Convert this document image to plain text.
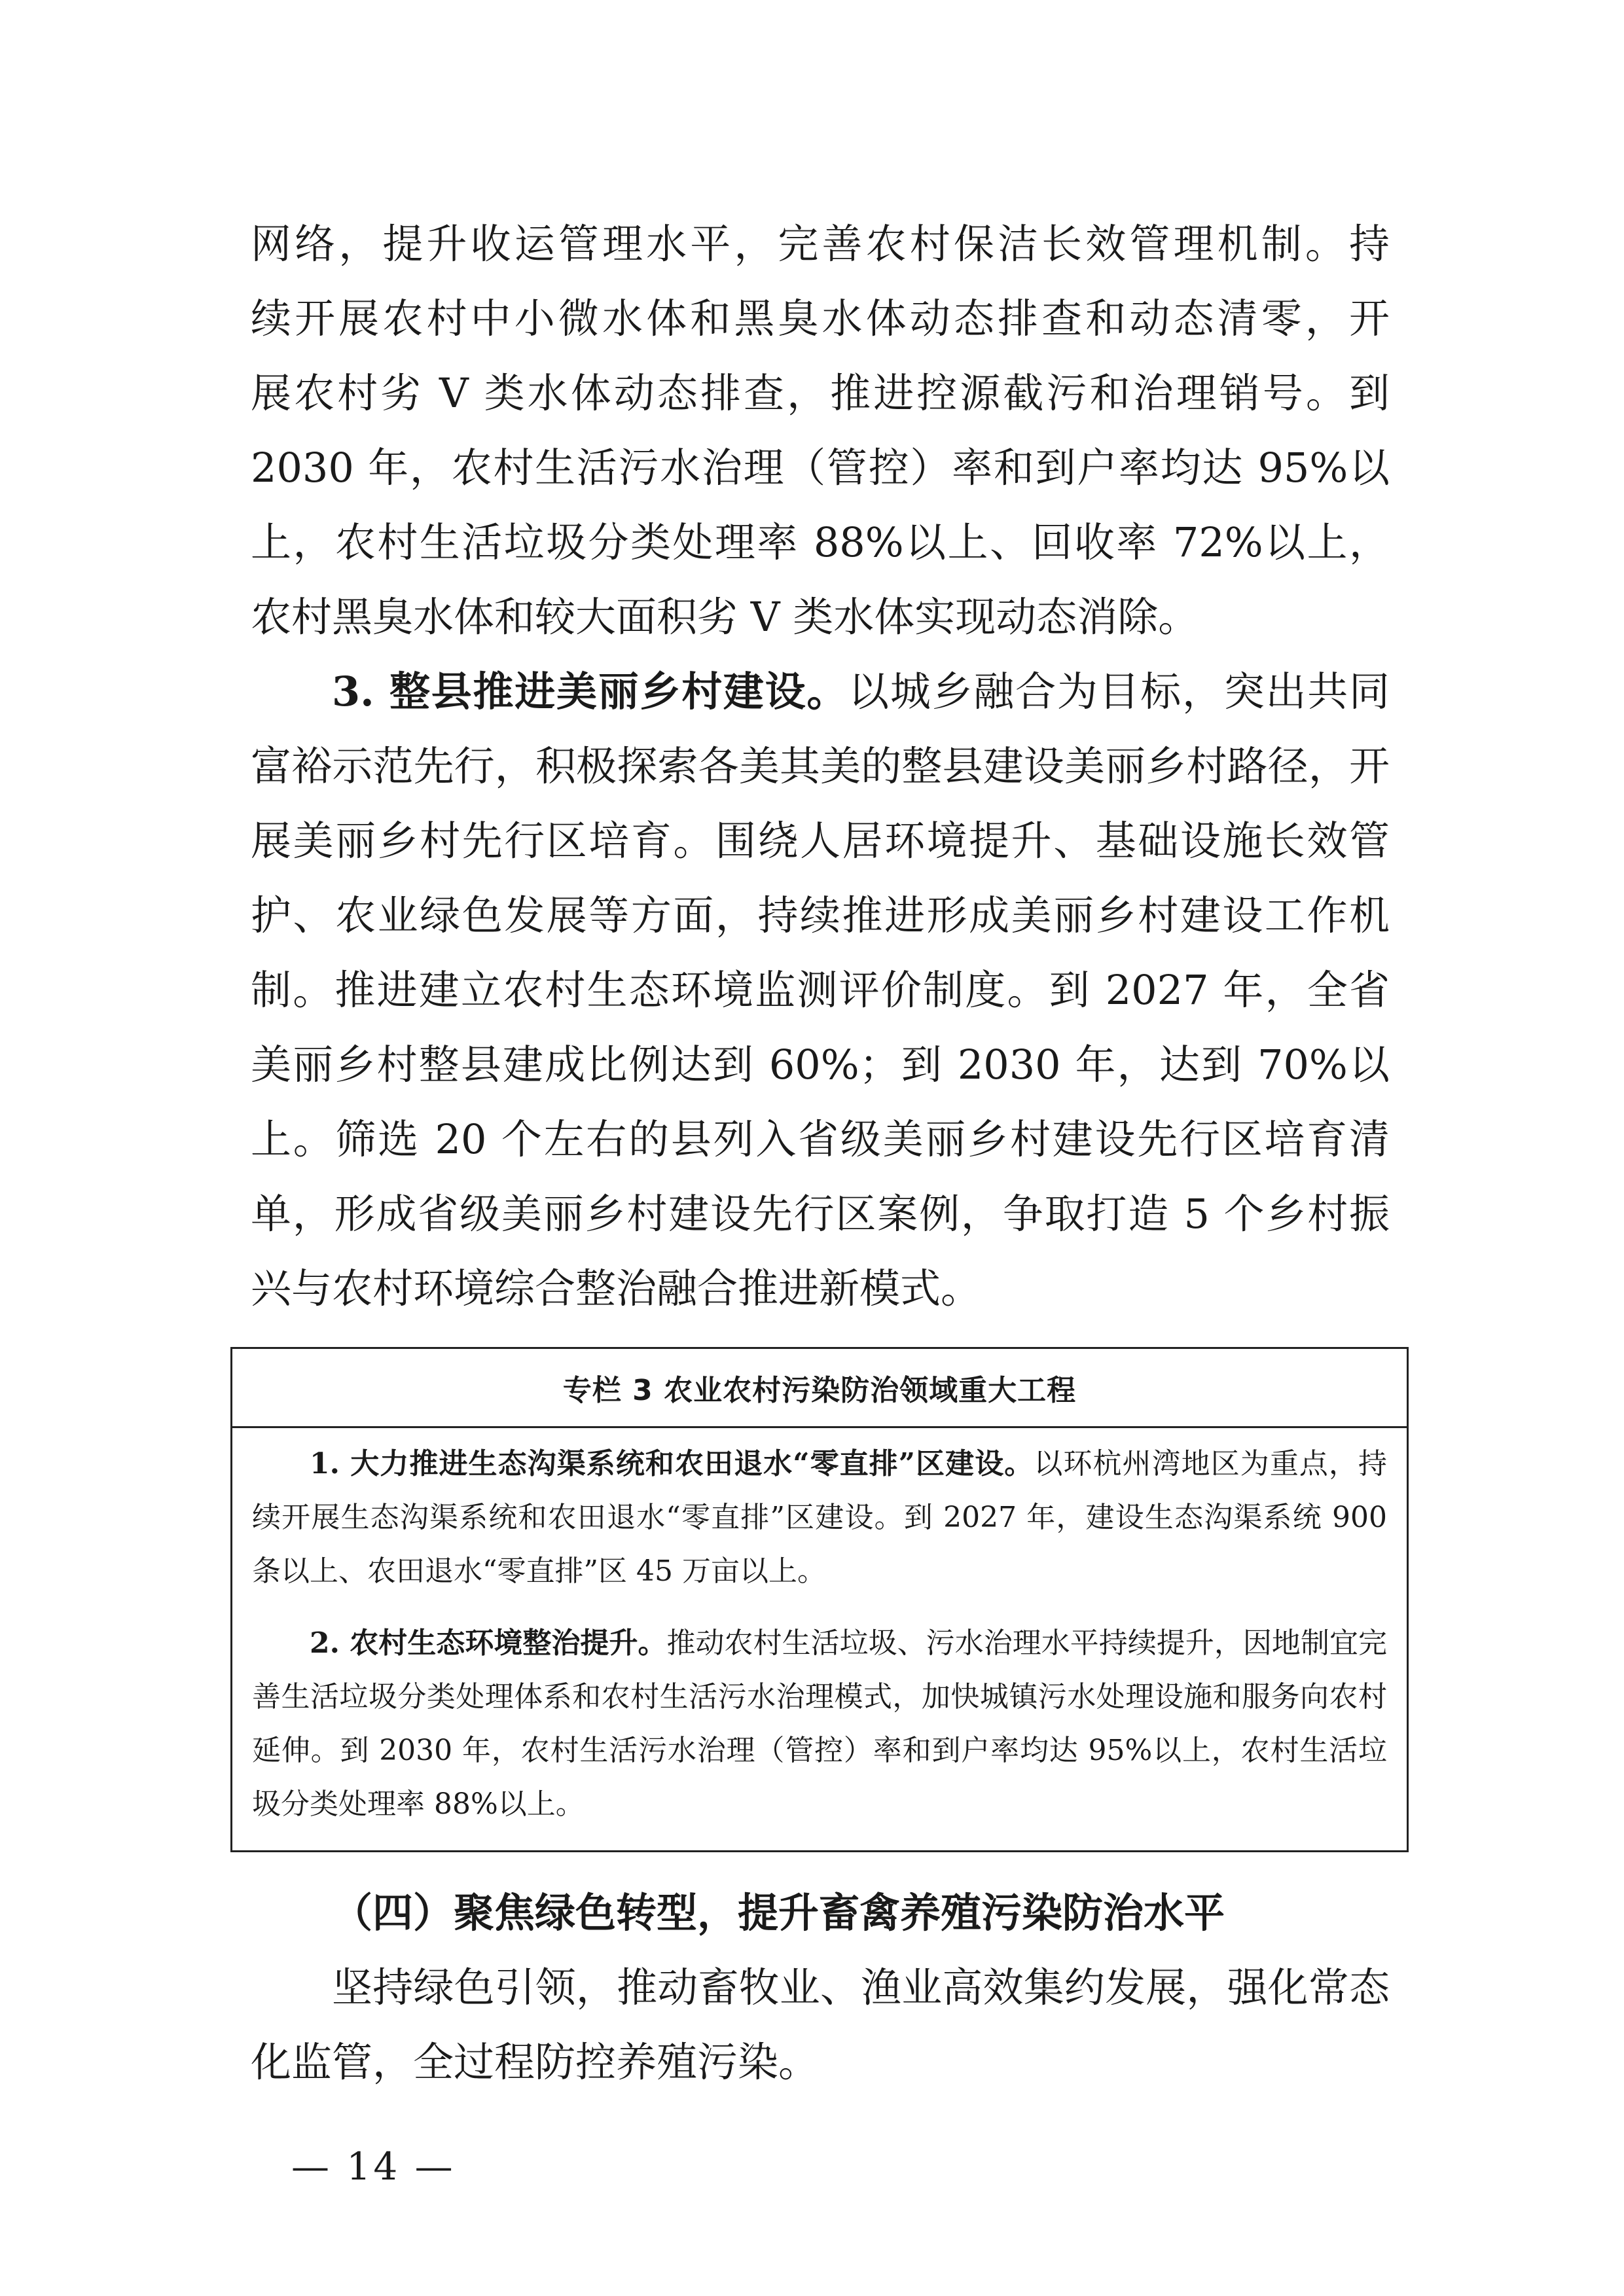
网络，提升收运管理水平，完善农村保洁长效管理机制。持

续开展农村中小微水体和黑臭水体动态排查和动态清零，开

展农村劣 V 类水体动态排查，推进控源截污和治理销号。到

2030 年，农村生活污水治理（管控）率和到户率均达 95%以

上，农村生活垃圾分类处理率 88%以上、回收率 72%以上，

农村黑臭水体和较大面积劣 V 类水体实现动态消除。

3. 整县推进美丽乡村建设。以城乡融合为目标，突出共同富裕示范先行，积极探索各美其美的整县建设美丽乡村路径，开展美丽乡村先行区培育。围绕人居环境提升、基础设施长效管护、农业绿色发展等方面，持续推进形成美丽乡村建设工作机制。推进建立农村生态环境监测评价制度。到 2027 年，全省美丽乡村整县建成比例达到 60%；到 2030 年，达到 70%以上。筛选 20 个左右的县列入省级美丽乡村建设先行区培育清单，形成省级美丽乡村建设先行区案例，争取打造 5 个乡村振兴与农村环境综合整治融合推进新模式。

专栏 3 农业农村污染防治领域重大工程

1. 大力推进生态沟渠系统和农田退水“零直排”区建设。以环杭州湾地区为重点，持续开展生态沟渠系统和农田退水“零直排”区建设。到 2027 年，建设生态沟渠系统 900 条以上、农田退水“零直排”区 45 万亩以上。

2. 农村生态环境整治提升。推动农村生活垃圾、污水治理水平持续提升，因地制宜完善生活垃圾分类处理体系和农村生活污水治理模式，加快城镇污水处理设施和服务向农村延伸。到 2030 年，农村生活污水治理（管控）率和到户率均达 95%以上，农村生活垃圾分类处理率 88%以上。

（四）聚焦绿色转型，提升畜禽养殖污染防治水平

坚持绿色引领，推动畜牧业、渔业高效集约发展，强化常态化监管，全过程防控养殖污染。

— 14 —
